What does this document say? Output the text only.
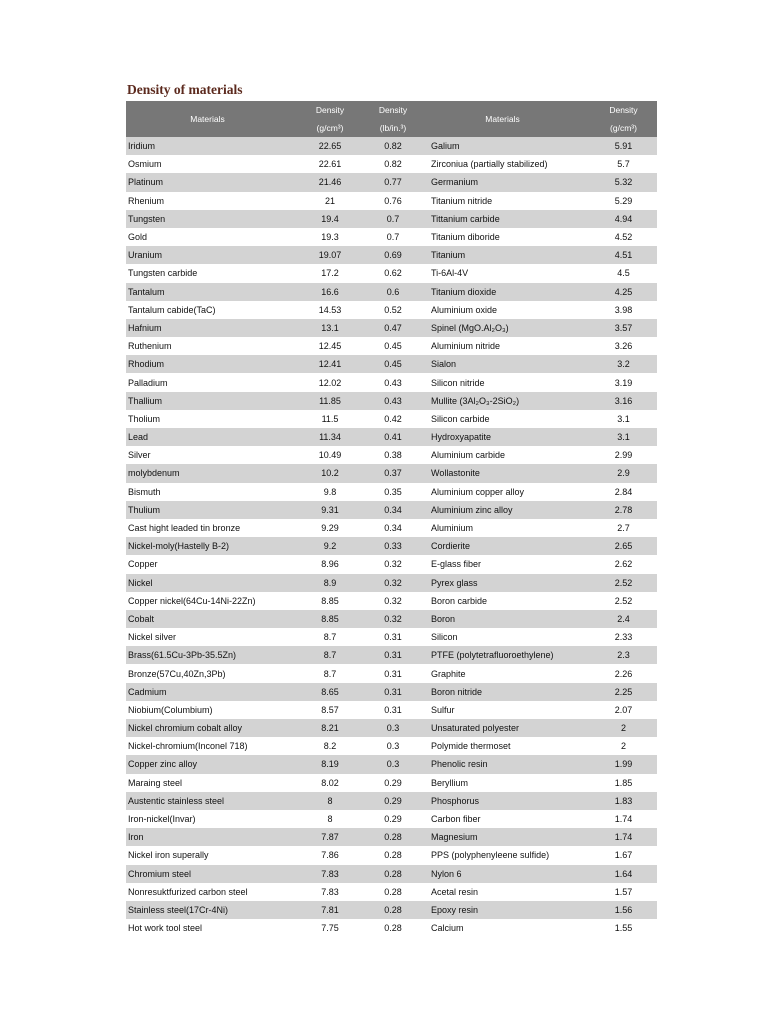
Density of materials
Materials	Density	Density	Materials	Density
	(g/cm³)	(lb/in.³)		(g/cm³)
Iridium	22.65	0.82	Galium	5.91
Osmium	22.61	0.82	Zirconiua (partially stabilized)	5.7
Platinum	21.46	0.77	Germanium	5.32
Rhenium	21	0.76	Titanium nitride	5.29
Tungsten	19.4	0.7	Tittanium carbide	4.94
Gold	19.3	0.7	Titanium diboride	4.52
Uranium	19.07	0.69	Titanium	4.51
Tungsten carbide	17.2	0.62	Ti-6Al-4V	4.5
Tantalum	16.6	0.6	Titanium dioxide	4.25
Tantalum cabide(TaC)	14.53	0.52	Aluminium oxide	3.98
Hafnium	13.1	0.47	Spinel (MgO.Al₂O₃)	3.57
Ruthenium	12.45	0.45	Aluminium nitride	3.26
Rhodium	12.41	0.45	Sialon	3.2
Palladium	12.02	0.43	Silicon nitride	3.19
Thallium	11.85	0.43	Mullite (3Al₂O₃-2SiO₂)	3.16
Tholium	11.5	0.42	Silicon carbide	3.1
Lead	11.34	0.41	Hydroxyapatite	3.1
Silver	10.49	0.38	Aluminium carbide	2.99
molybdenum	10.2	0.37	Wollastonite	2.9
Bismuth	9.8	0.35	Aluminium copper alloy	2.84
Thulium	9.31	0.34	Aluminium zinc alloy	2.78
Cast hight leaded tin bronze	9.29	0.34	Aluminium	2.7
Nickel-moly(Hastelly B-2)	9.2	0.33	Cordierite	2.65
Copper	8.96	0.32	E-glass fiber	2.62
Nickel	8.9	0.32	Pyrex glass	2.52
Copper nickel(64Cu-14Ni-22Zn)	8.85	0.32	Boron carbide	2.52
Cobalt	8.85	0.32	Boron	2.4
Nickel silver	8.7	0.31	Silicon	2.33
Brass(61.5Cu-3Pb-35.5Zn)	8.7	0.31	PTFE (polytetrafluoroethylene)	2.3
Bronze(57Cu,40Zn,3Pb)	8.7	0.31	Graphite	2.26
Cadmium	8.65	0.31	Boron nitride	2.25
Niobium(Columbium)	8.57	0.31	Sulfur	2.07
Nickel chromium cobalt alloy	8.21	0.3	Unsaturated polyester	2
Nickel-chromium(Inconel 718)	8.2	0.3	Polymide thermoset	2
Copper zinc alloy	8.19	0.3	Phenolic resin	1.99
Maraing steel	8.02	0.29	Beryllium	1.85
Austentic stainless steel	8	0.29	Phosphorus	1.83
Iron-nickel(Invar)	8	0.29	Carbon fiber	1.74
Iron	7.87	0.28	Magnesium	1.74
Nickel iron superally	7.86	0.28	PPS (polyphenyleene sulfide)	1.67
Chromium steel	7.83	0.28	Nylon 6	1.64
Nonresuktfurized carbon steel	7.83	0.28	Acetal resin	1.57
Stainless steel(17Cr-4Ni)	7.81	0.28	Epoxy resin	1.56
Hot work tool steel	7.75	0.28	Calcium	1.55
